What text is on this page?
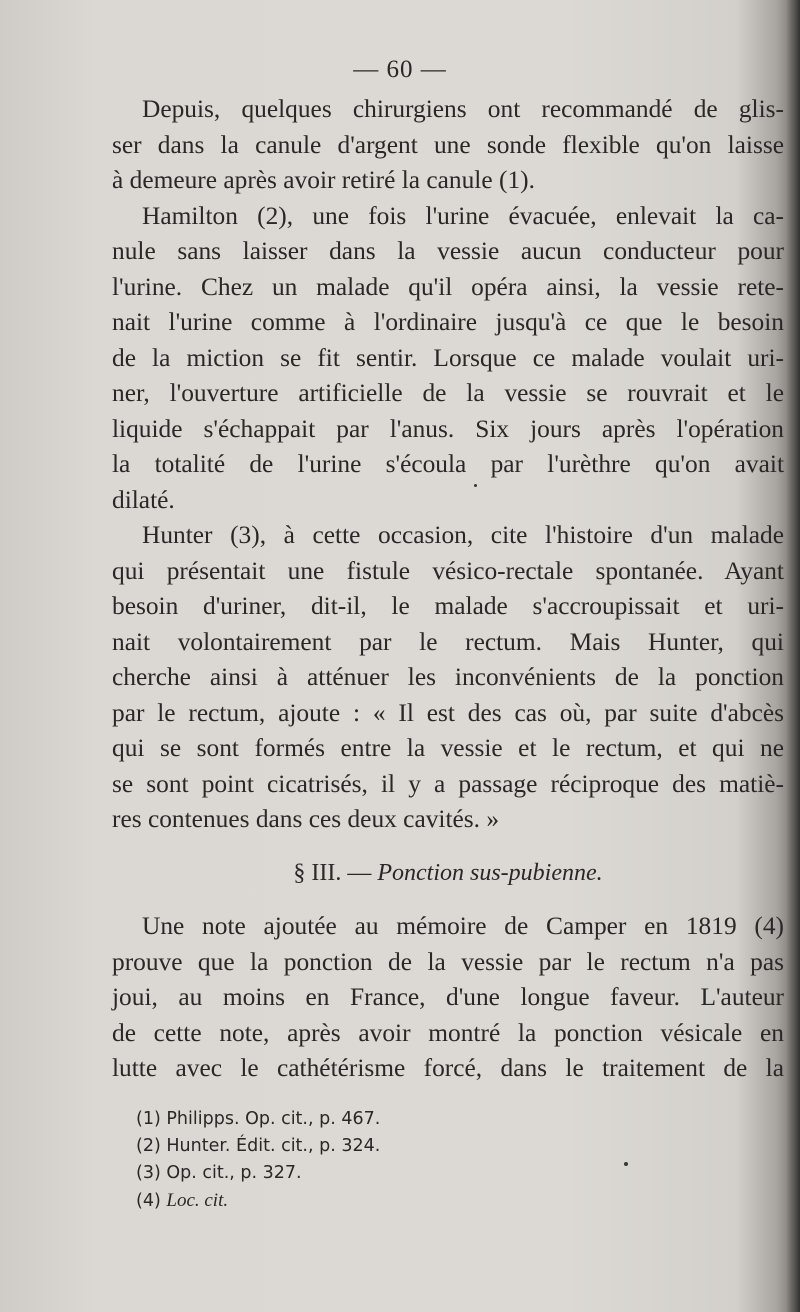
— 60 —

Depuis, quelques chirurgiens ont recommandé de glis-
ser dans la canule d'argent une sonde flexible qu'on laisse
à demeure après avoir retiré la canule (1).

Hamilton (2), une fois l'urine évacuée, enlevait la ca-
nule sans laisser dans la vessie aucun conducteur pour
l'urine. Chez un malade qu'il opéra ainsi, la vessie rete-
nait l'urine comme à l'ordinaire jusqu'à ce que le besoin
de la miction se fit sentir. Lorsque ce malade voulait uri-
ner, l'ouverture artificielle de la vessie se rouvrait et le
liquide s'échappait par l'anus. Six jours après l'opération
la totalité de l'urine s'écoula par l'urèthre qu'on avait
dilaté.

Hunter (3), à cette occasion, cite l'histoire d'un malade
qui présentait une fistule vésico-rectale spontanée. Ayant
besoin d'uriner, dit-il, le malade s'accroupissait et uri-
nait volontairement par le rectum. Mais Hunter, qui
cherche ainsi à atténuer les inconvénients de la ponction
par le rectum, ajoute : « Il est des cas où, par suite d'abcès
qui se sont formés entre la vessie et le rectum, et qui ne
se sont point cicatrisés, il y a passage réciproque des matiè-
res contenues dans ces deux cavités. »

§ III. — Ponction sus-pubienne.

Une note ajoutée au mémoire de Camper en 1819 (4)
prouve que la ponction de la vessie par le rectum n'a pas
joui, au moins en France, d'une longue faveur. L'auteur
de cette note, après avoir montré la ponction vésicale en
lutte avec le cathétérisme forcé, dans le traitement de la

(1) Philipps. Op. cit., p. 467.
(2) Hunter. Édit. cit., p. 324.
(3) Op. cit., p. 327.
(4) Loc. cit.
